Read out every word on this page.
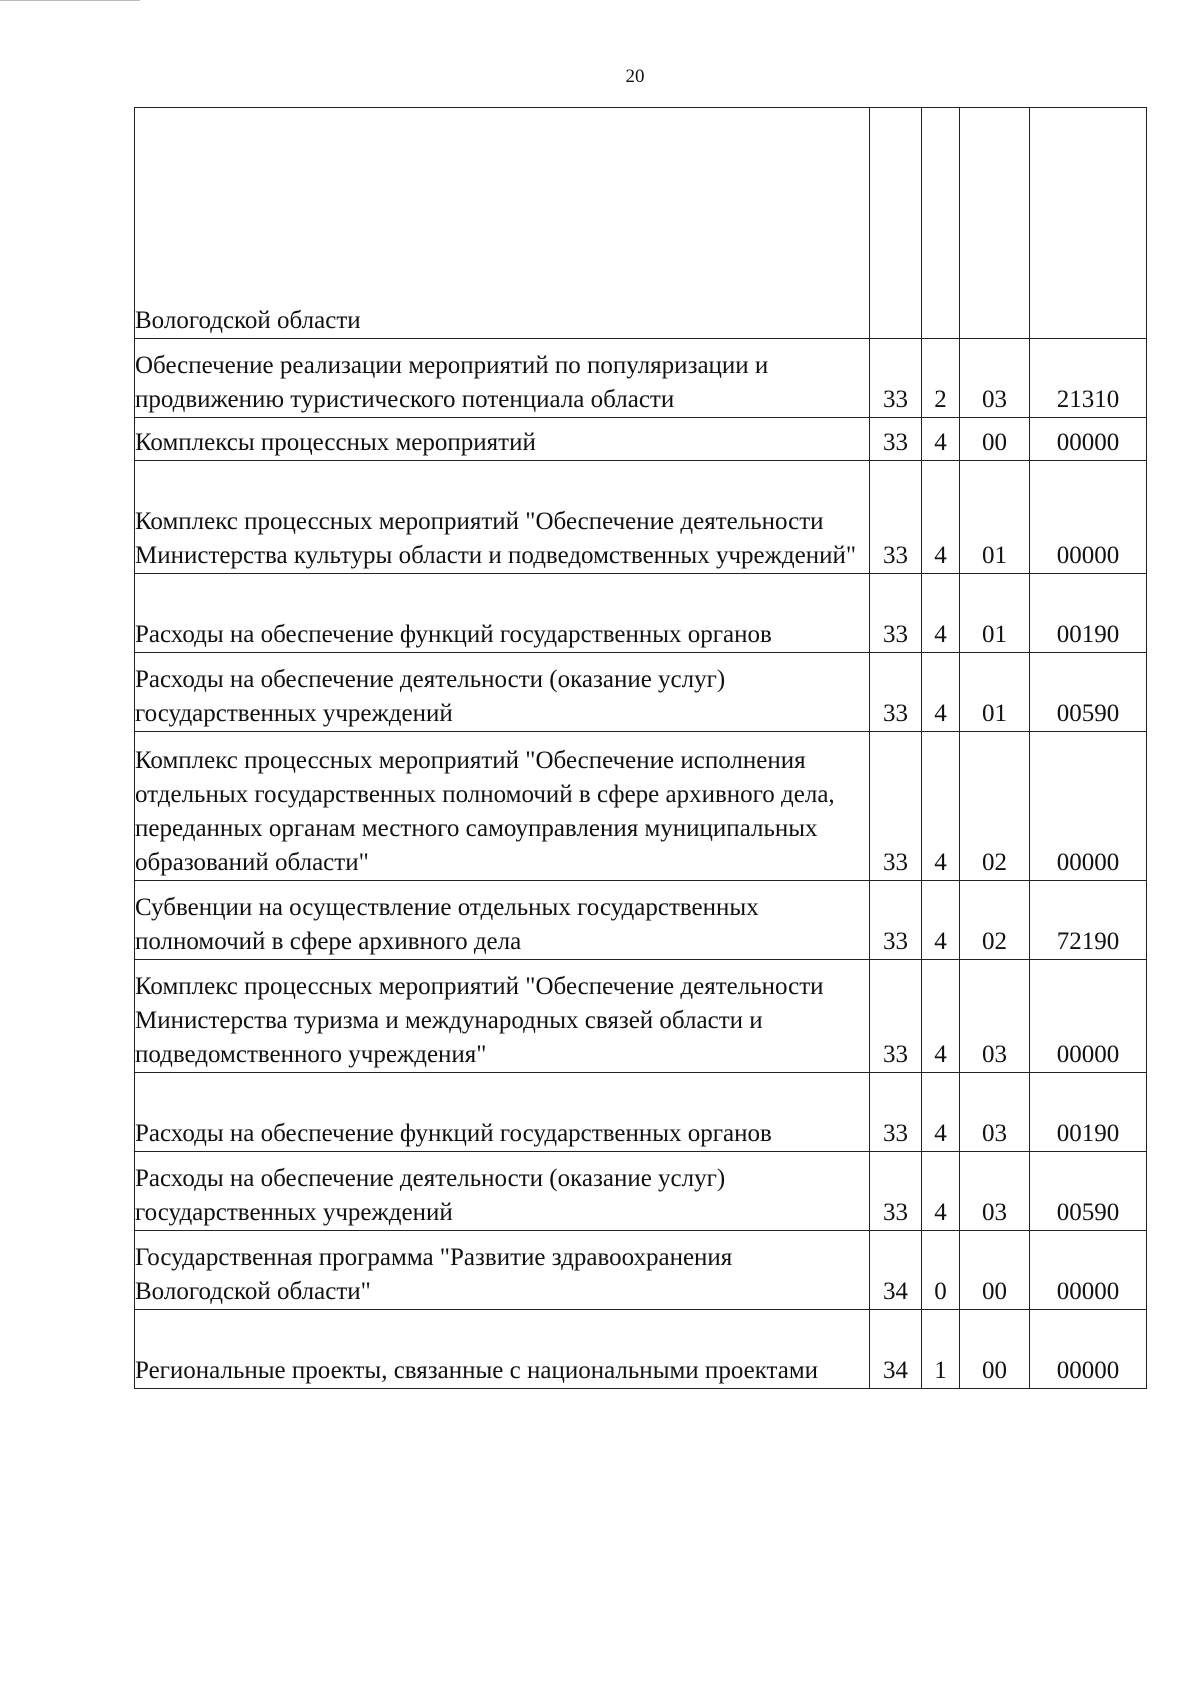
20
Вологодской области				
Обеспечение реализации мероприятий по популяризации и продвижению туристического потенциала области	33	2	03	21310
Комплексы процессных мероприятий	33	4	00	00000
Комплекс процессных мероприятий "Обеспечение деятельности Министерства культуры области и подведомственных учреждений"	33	4	01	00000
Расходы на обеспечение функций государственных органов	33	4	01	00190
Расходы на обеспечение деятельности (оказание услуг) государственных учреждений	33	4	01	00590
Комплекс процессных мероприятий "Обеспечение исполнения отдельных государственных полномочий в сфере архивного дела, переданных органам местного самоуправления муниципальных образований области"	33	4	02	00000
Субвенции на осуществление отдельных государственных полномочий в сфере архивного дела	33	4	02	72190
Комплекс процессных мероприятий "Обеспечение деятельности Министерства туризма и международных связей области и подведомственного учреждения"	33	4	03	00000
Расходы на обеспечение функций государственных органов	33	4	03	00190
Расходы на обеспечение деятельности (оказание услуг) государственных учреждений	33	4	03	00590
Государственная программа "Развитие здравоохранения Вологодской области"	34	0	00	00000
Региональные проекты, связанные с национальными проектами	34	1	00	00000
